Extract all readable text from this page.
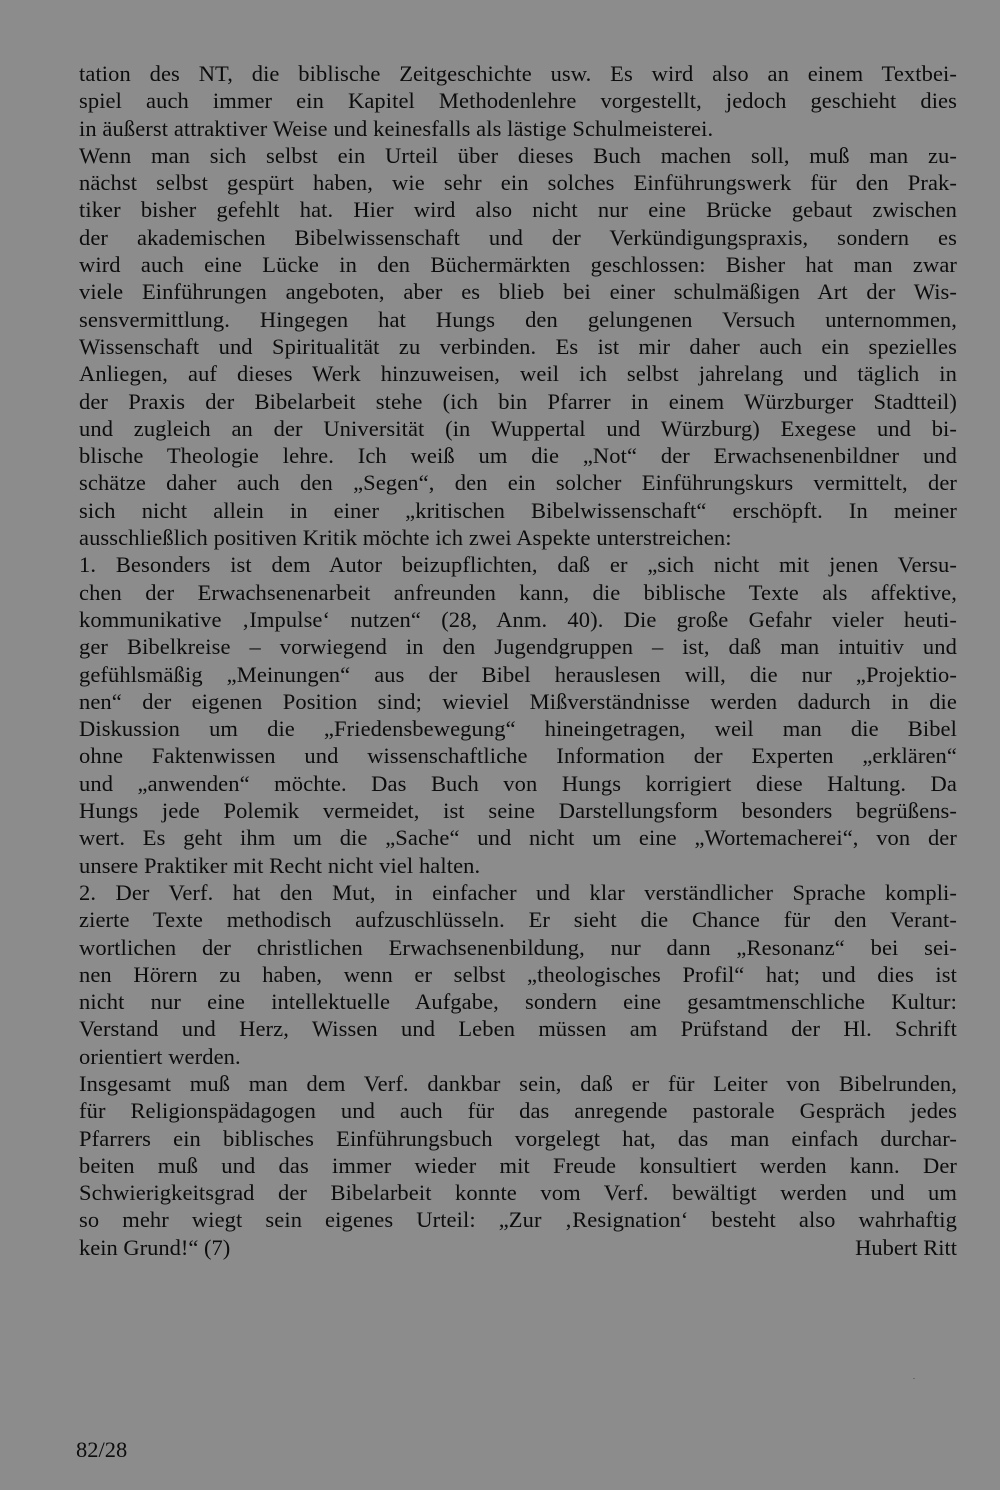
tation des NT, die biblische Zeitgeschichte usw. Es wird also an einem Textbei-
spiel auch immer ein Kapitel Methodenlehre vorgestellt, jedoch geschieht dies
in äußerst attraktiver Weise und keinesfalls als lästige Schulmeisterei.
Wenn man sich selbst ein Urteil über dieses Buch machen soll, muß man zu-
nächst selbst gespürt haben, wie sehr ein solches Einführungswerk für den Prak-
tiker bisher gefehlt hat. Hier wird also nicht nur eine Brücke gebaut zwischen
der akademischen Bibelwissenschaft und der Verkündigungspraxis, sondern es
wird auch eine Lücke in den Büchermärkten geschlossen: Bisher hat man zwar
viele Einführungen angeboten, aber es blieb bei einer schulmäßigen Art der Wis-
sensvermittlung. Hingegen hat Hungs den gelungenen Versuch unternommen,
Wissenschaft und Spiritualität zu verbinden. Es ist mir daher auch ein spezielles
Anliegen, auf dieses Werk hinzuweisen, weil ich selbst jahrelang und täglich in
der Praxis der Bibelarbeit stehe (ich bin Pfarrer in einem Würzburger Stadtteil)
und zugleich an der Universität (in Wuppertal und Würzburg) Exegese und bi-
blische Theologie lehre. Ich weiß um die „Not“ der Erwachsenenbildner und
schätze daher auch den „Segen“, den ein solcher Einführungskurs vermittelt, der
sich nicht allein in einer „kritischen Bibelwissenschaft“ erschöpft. In meiner
ausschließlich positiven Kritik möchte ich zwei Aspekte unterstreichen:
1. Besonders ist dem Autor beizupflichten, daß er „sich nicht mit jenen Versu-
chen der Erwachsenenarbeit anfreunden kann, die biblische Texte als affektive,
kommunikative ‚Impulse‘ nutzen“ (28, Anm. 40). Die große Gefahr vieler heuti-
ger Bibelkreise – vorwiegend in den Jugendgruppen – ist, daß man intuitiv und
gefühlsmäßig „Meinungen“ aus der Bibel herauslesen will, die nur „Projektio-
nen“ der eigenen Position sind; wieviel Mißverständnisse werden dadurch in die
Diskussion um die „Friedensbewegung“ hineingetragen, weil man die Bibel
ohne Faktenwissen und wissenschaftliche Information der Experten „erklären“
und „anwenden“ möchte. Das Buch von Hungs korrigiert diese Haltung. Da
Hungs jede Polemik vermeidet, ist seine Darstellungsform besonders begrüßens-
wert. Es geht ihm um die „Sache“ und nicht um eine „Wortemacherei“, von der
unsere Praktiker mit Recht nicht viel halten.
2. Der Verf. hat den Mut, in einfacher und klar verständlicher Sprache kompli-
zierte Texte methodisch aufzuschlüsseln. Er sieht die Chance für den Verant-
wortlichen der christlichen Erwachsenenbildung, nur dann „Resonanz“ bei sei-
nen Hörern zu haben, wenn er selbst „theologisches Profil“ hat; und dies ist
nicht nur eine intellektuelle Aufgabe, sondern eine gesamtmenschliche Kultur:
Verstand und Herz, Wissen und Leben müssen am Prüfstand der Hl. Schrift
orientiert werden.
Insgesamt muß man dem Verf. dankbar sein, daß er für Leiter von Bibelrunden,
für Religionspädagogen und auch für das anregende pastorale Gespräch jedes
Pfarrers ein biblisches Einführungsbuch vorgelegt hat, das man einfach durchar-
beiten muß und das immer wieder mit Freude konsultiert werden kann. Der
Schwierigkeitsgrad der Bibelarbeit konnte vom Verf. bewältigt werden und um
so mehr wiegt sein eigenes Urteil: „Zur ‚Resignation‘ besteht also wahrhaftig
kein Grund!“ (7)	Hubert Ritt
82/28
